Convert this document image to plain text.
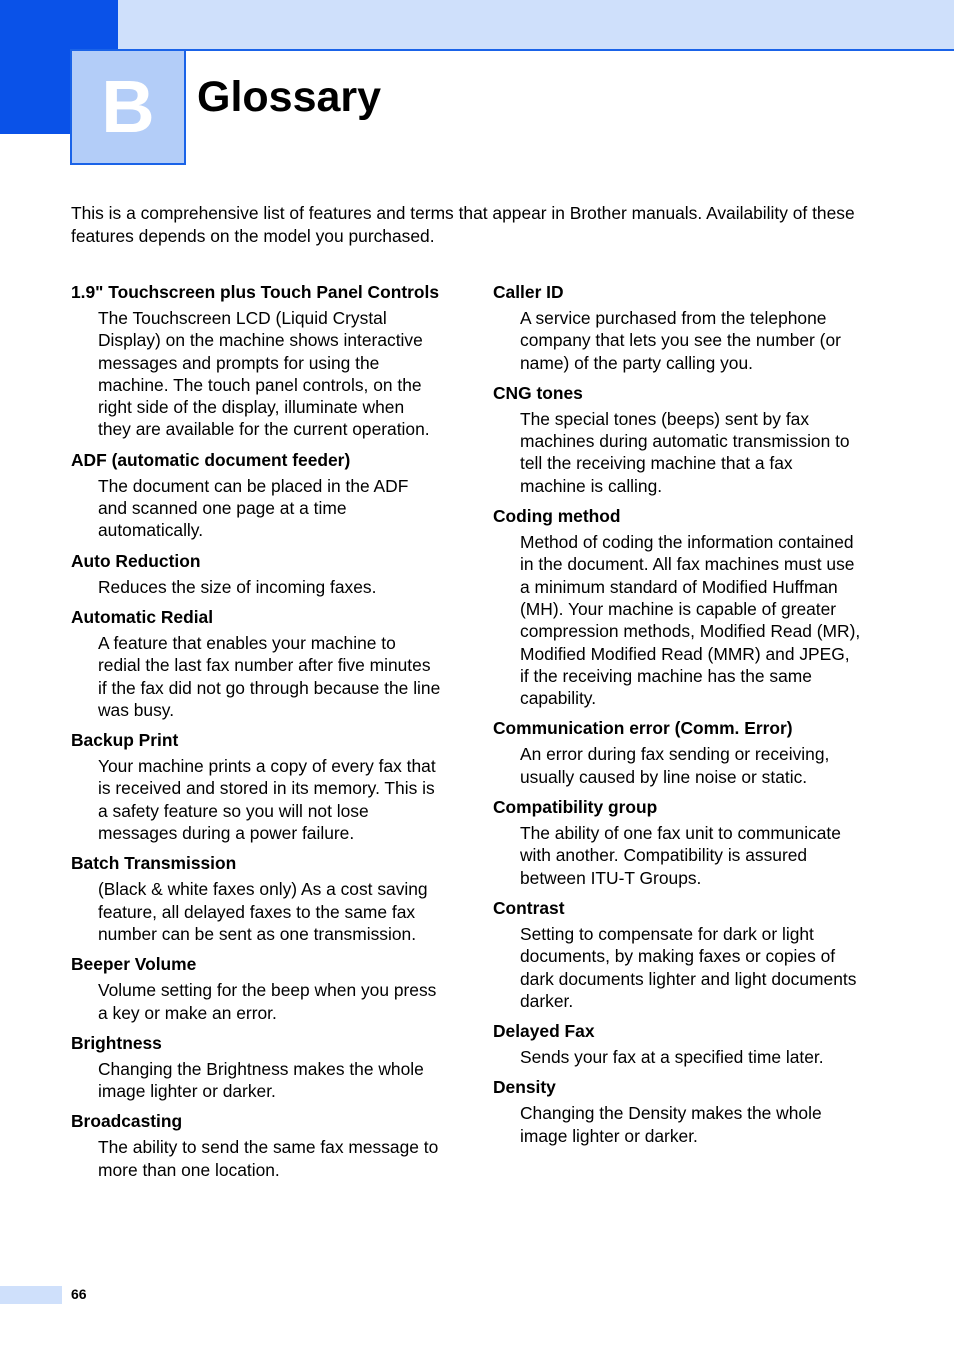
B Glossary

This is a comprehensive list of features and terms that appear in Brother manuals. Availability of these features depends on the model you purchased.

1.9" Touchscreen plus Touch Panel Controls
The Touchscreen LCD (Liquid Crystal Display) on the machine shows interactive messages and prompts for using the machine. The touch panel controls, on the right side of the display, illuminate when they are available for the current operation.
ADF (automatic document feeder)
The document can be placed in the ADF and scanned one page at a time automatically.
Auto Reduction
Reduces the size of incoming faxes.
Automatic Redial
A feature that enables your machine to redial the last fax number after five minutes if the fax did not go through because the line was busy.
Backup Print
Your machine prints a copy of every fax that is received and stored in its memory. This is a safety feature so you will not lose messages during a power failure.
Batch Transmission
(Black & white faxes only) As a cost saving feature, all delayed faxes to the same fax number can be sent as one transmission.
Beeper Volume
Volume setting for the beep when you press a key or make an error.
Brightness
Changing the Brightness makes the whole image lighter or darker.
Broadcasting
The ability to send the same fax message to more than one location.
Caller ID
A service purchased from the telephone company that lets you see the number (or name) of the party calling you.
CNG tones
The special tones (beeps) sent by fax machines during automatic transmission to tell the receiving machine that a fax machine is calling.
Coding method
Method of coding the information contained in the document. All fax machines must use a minimum standard of Modified Huffman (MH). Your machine is capable of greater compression methods, Modified Read (MR), Modified Modified Read (MMR) and JPEG, if the receiving machine has the same capability.
Communication error (Comm. Error)
An error during fax sending or receiving, usually caused by line noise or static.
Compatibility group
The ability of one fax unit to communicate with another. Compatibility is assured between ITU-T Groups.
Contrast
Setting to compensate for dark or light documents, by making faxes or copies of dark documents lighter and light documents darker.
Delayed Fax
Sends your fax at a specified time later.
Density
Changing the Density makes the whole image lighter or darker.
66
